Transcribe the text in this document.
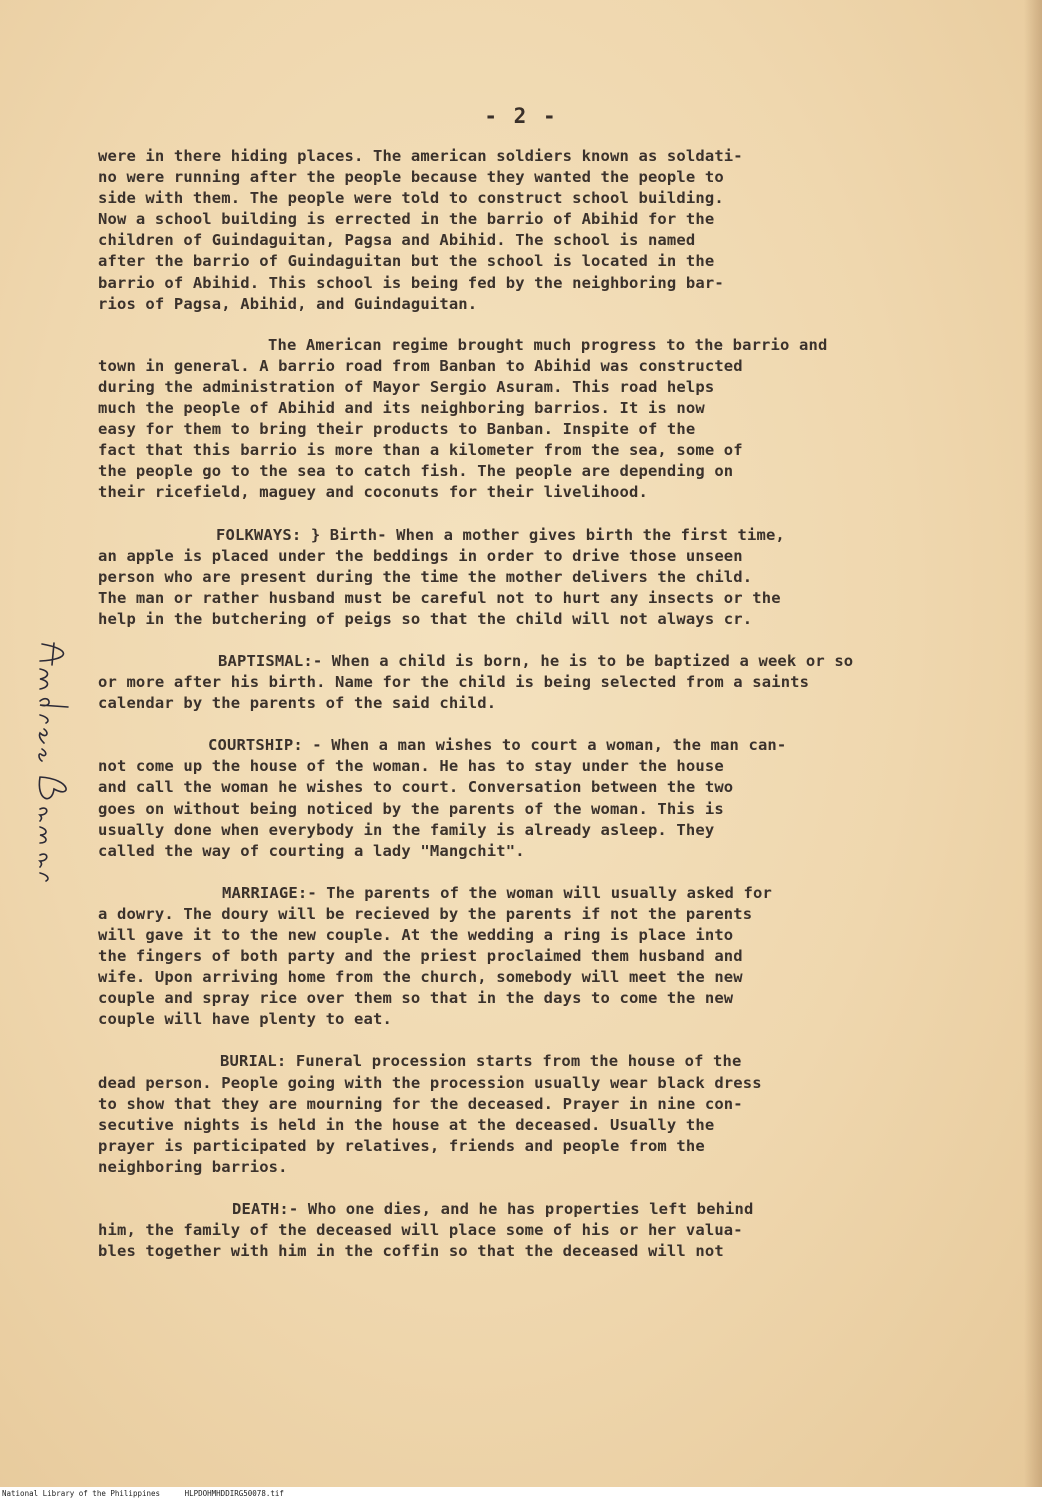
- 2 -

were in there hiding places. The american soldiers known as soldati-
no were running after the people because they wanted the people to
side with them. The people were told to construct school building.
Now a school building is errected in the barrio of Abihid for the
children of Guindaguitan, Pagsa and Abihid. The school is named
after the barrio of Guindaguitan but the school is located in the
barrio of Abihid. This school is being fed by the neighboring bar-
rios of Pagsa, Abihid, and Guindaguitan.

The American regime brought much progress to the barrio and
town in general. A barrio road from Banban to Abihid was constructed
during the administration of Mayor Sergio Asuram. This road helps
much the people of Abihid and its neighboring barrios. It is now
easy for them to bring their products to Banban. Inspite of the
fact that this barrio is more than a kilometer from the sea, some of
the people go to the sea to catch fish. The people are depending on
their ricefield, maguey and coconuts for their livelihood.

FOLKWAYS: } Birth- When a mother gives birth the first time,
an apple is placed under the beddings in order to drive those unseen
person who are present during the time the mother delivers the child.
The man or rather husband must be careful not to hurt any insects or the
help in the butchering of peigs so that the child will not always cr.

BAPTISMAL:- When a child is born, he is to be baptized a week or so
or more after his birth. Name for the child is being selected from a saints
calendar by the parents of the said child.

COURTSHIP: - When a man wishes to court a woman, the man can-
not come up the house of the woman. He has to stay under the house
and call the woman he wishes to court. Conversation between the two
goes on without being noticed by the parents of the woman. This is
usually done when everybody in the family is already asleep. They
called the way of courting a lady "Mangchit".

MARRIAGE:- The parents of the woman will usually asked for
a dowry. The doury will be recieved by the parents if not the parents
will gave it to the new couple. At the wedding a ring is place into
the fingers of both party and the priest proclaimed them husband and
wife. Upon arriving home from the church, somebody will meet the new
couple and spray rice over them so that in the days to come the new
couple will have plenty to eat.

BURIAL: Funeral procession starts from the house of the
dead person. People going with the procession usually wear black dress
to show that they are mourning for the deceased. Prayer in nine con-
secutive nights is held in the house at the deceased. Usually the
prayer is participated by relatives, friends and people from the
neighboring barrios.

DEATH:- Who one dies, and he has properties left behind
him, the family of the deceased will place some of his or her valua-
bles together with him in the coffin so that the deceased will not

National Library of the Philippines	HLPDOHMHDDIRG50078.tif
